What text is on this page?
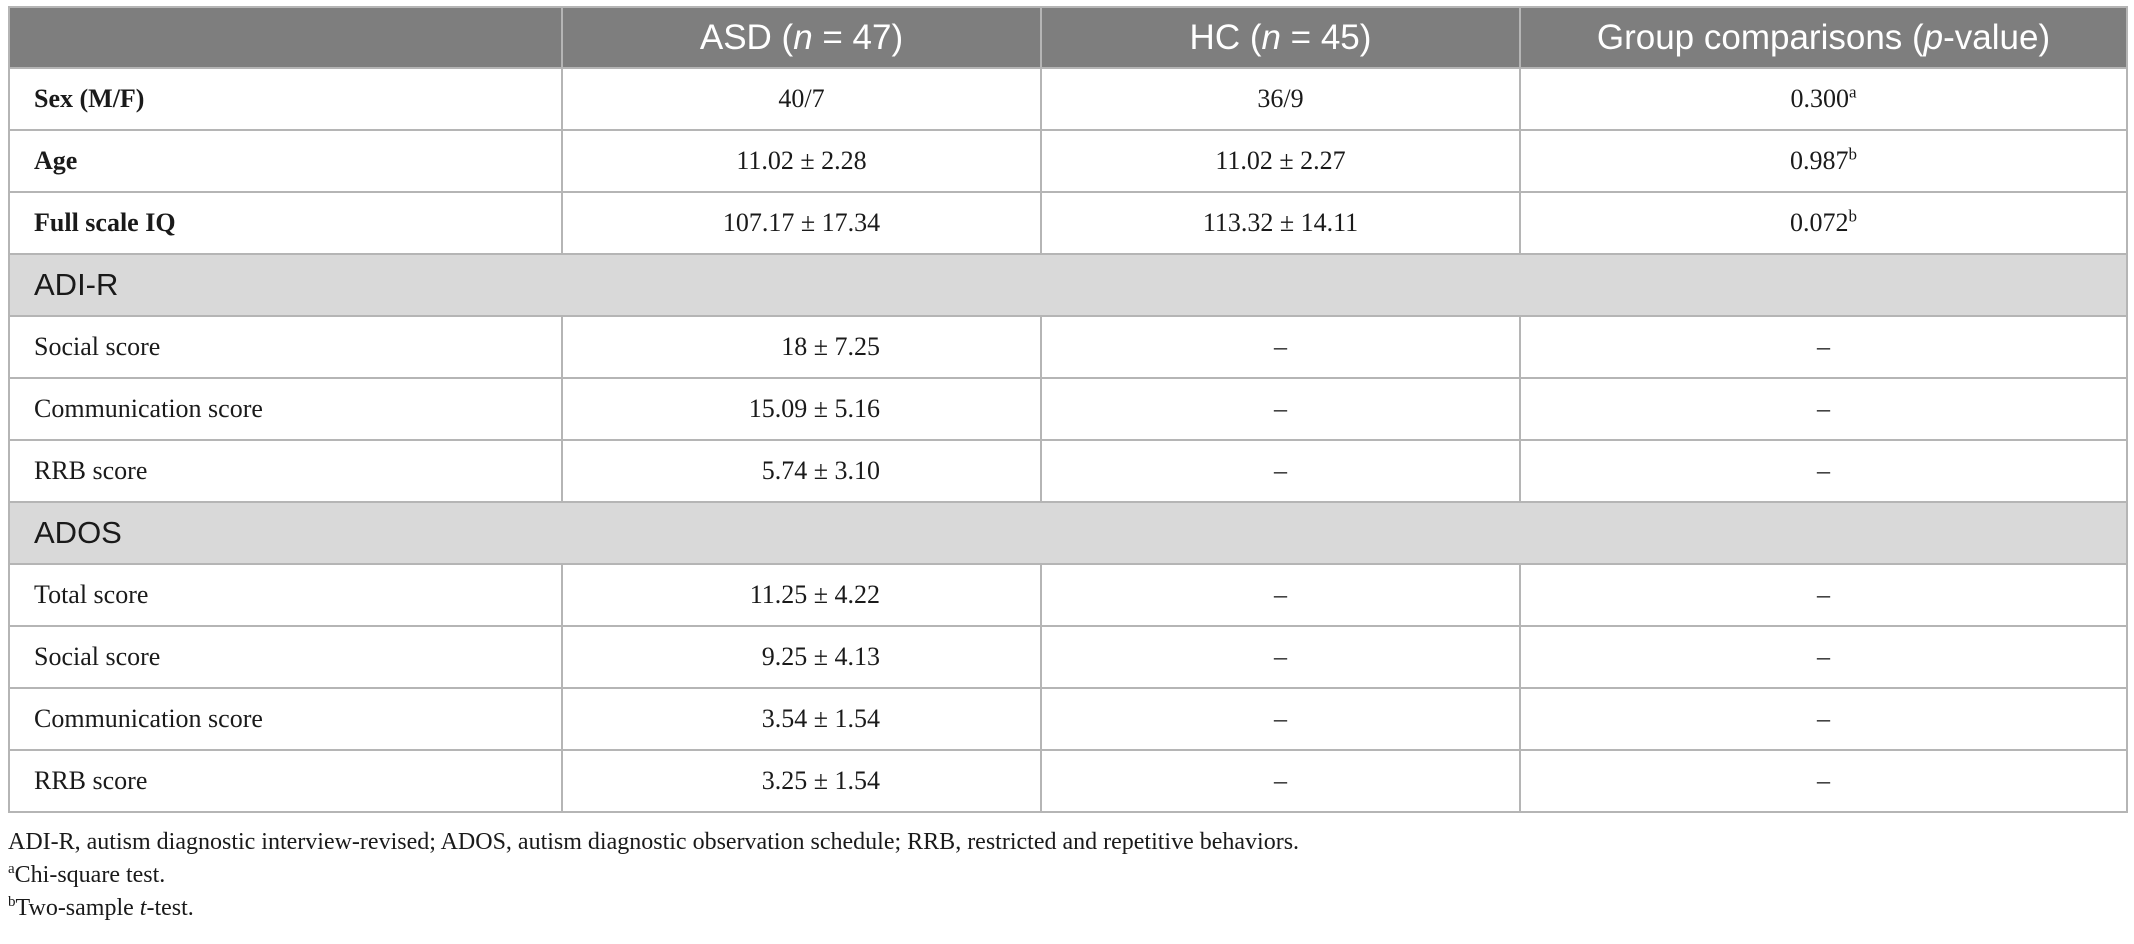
	ASD (n = 47)	HC (n = 45)	Group comparisons (p-value)
Sex (M/F)	40/7	36/9	0.300$^a$
Age	11.02 ± 2.28	11.02 ± 2.27	0.987$^b$
Full scale IQ	107.17 ± 17.34	113.32 ± 14.11	0.072$^b$
ADI-R			
Social score	18 ± 7.25	–	–
Communication score	15.09 ± 5.16	–	–
RRB score	5.74 ± 3.10	–	–
ADOS			
Total score	11.25 ± 4.22	–	–
Social score	9.25 ± 4.13	–	–
Communication score	3.54 ± 1.54	–	–
RRB score	3.25 ± 1.54	–	–
ADI-R, autism diagnostic interview-revised; ADOS, autism diagnostic observation schedule; RRB, restricted and repetitive behaviors.
$^a$Chi-square test.
$^b$Two-sample t-test.
